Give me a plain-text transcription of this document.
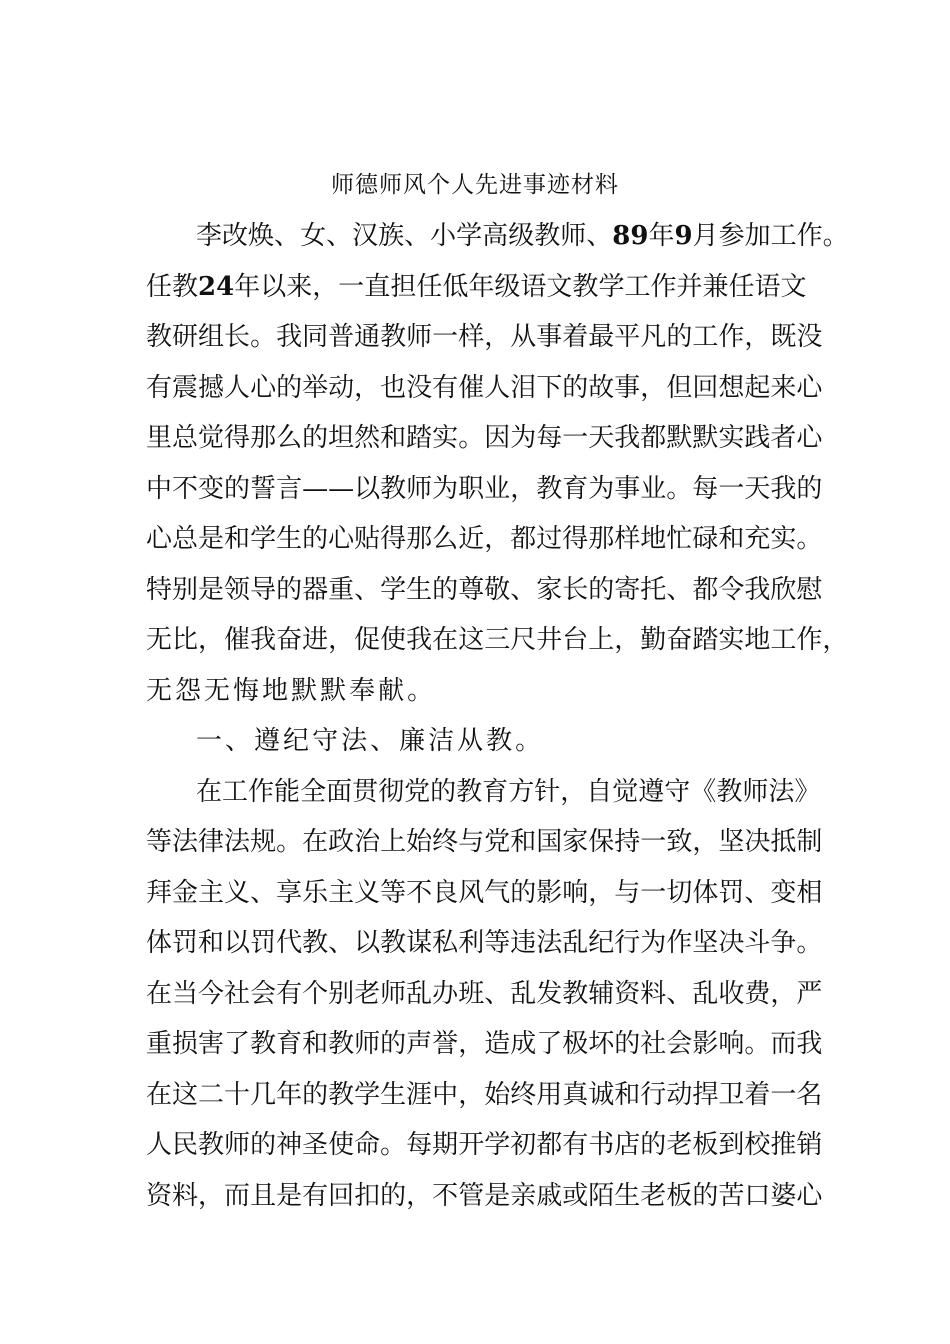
师德师风个人先进事迹材料
李 改 焕 、 女 、 汉 族 、 小 学 高 级 教 师 、 89 年 9 月 参 加 工 作 。
任 教 24 年 以 来 ， 一 直 担 任 低 年 级 语 文 教 学 工 作 并 兼 任 语 文
教 研 组 长 。 我 同 普 通 教 师 一 样 ， 从 事 着 最 平 凡 的 工 作 ， 既 没
有 震 撼 人 心 的 举 动 ， 也 没 有 催 人 泪 下 的 故 事 ， 但 回 想 起 来 心
里 总 觉 得 那 么 的 坦 然 和 踏 实 。 因 为 每 一 天 我 都 默 默 实 践 者 心
中 不 变 的 誓 言 — — 以 教 师 为 职 业 ， 教 育 为 事 业 。 每 一 天 我 的
心 总 是 和 学 生 的 心 贴 得 那 么 近 ， 都 过 得 那 样 地 忙 碌 和 充 实 。
特 别 是 领 导 的 器 重 、 学 生 的 尊 敬 、 家 长 的 寄 托 、 都 令 我 欣 慰
无 比 ， 催 我 奋 进 ， 促 使 我 在 这 三 尺 井 台 上 ， 勤 奋 踏 实 地 工 作 ，
无 怨 无 悔 地 默 默 奉 献 。
一 、 遵 纪 守 法 、 廉 洁 从 教 。
在 工 作 能 全 面 贯 彻 党 的 教 育 方 针 ， 自 觉 遵 守 《 教 师 法 》
等 法 律 法 规 。 在 政 治 上 始 终 与 党 和 国 家 保 持 一 致 ， 坚 决 抵 制
拜 金 主 义 、 享 乐 主 义 等 不 良 风 气 的 影 响 ， 与 一 切 体 罚 、 变 相
体 罚 和 以 罚 代 教 、 以 教 谋 私 利 等 违 法 乱 纪 行 为 作 坚 决 斗 争 。
在 当 今 社 会 有 个 别 老 师 乱 办 班 、 乱 发 教 辅 资 料 、 乱 收 费 ， 严
重 损 害 了 教 育 和 教 师 的 声 誉 ， 造 成 了 极 坏 的 社 会 影 响 。 而 我
在 这 二 十 几 年 的 教 学 生 涯 中 ， 始 终 用 真 诚 和 行 动 捍 卫 着 一 名
人 民 教 师 的 神 圣 使 命 。 每 期 开 学 初 都 有 书 店 的 老 板 到 校 推 销
资 料 ， 而 且 是 有 回 扣 的 ， 不 管 是 亲 戚 或 陌 生 老 板 的 苦 口 婆 心
